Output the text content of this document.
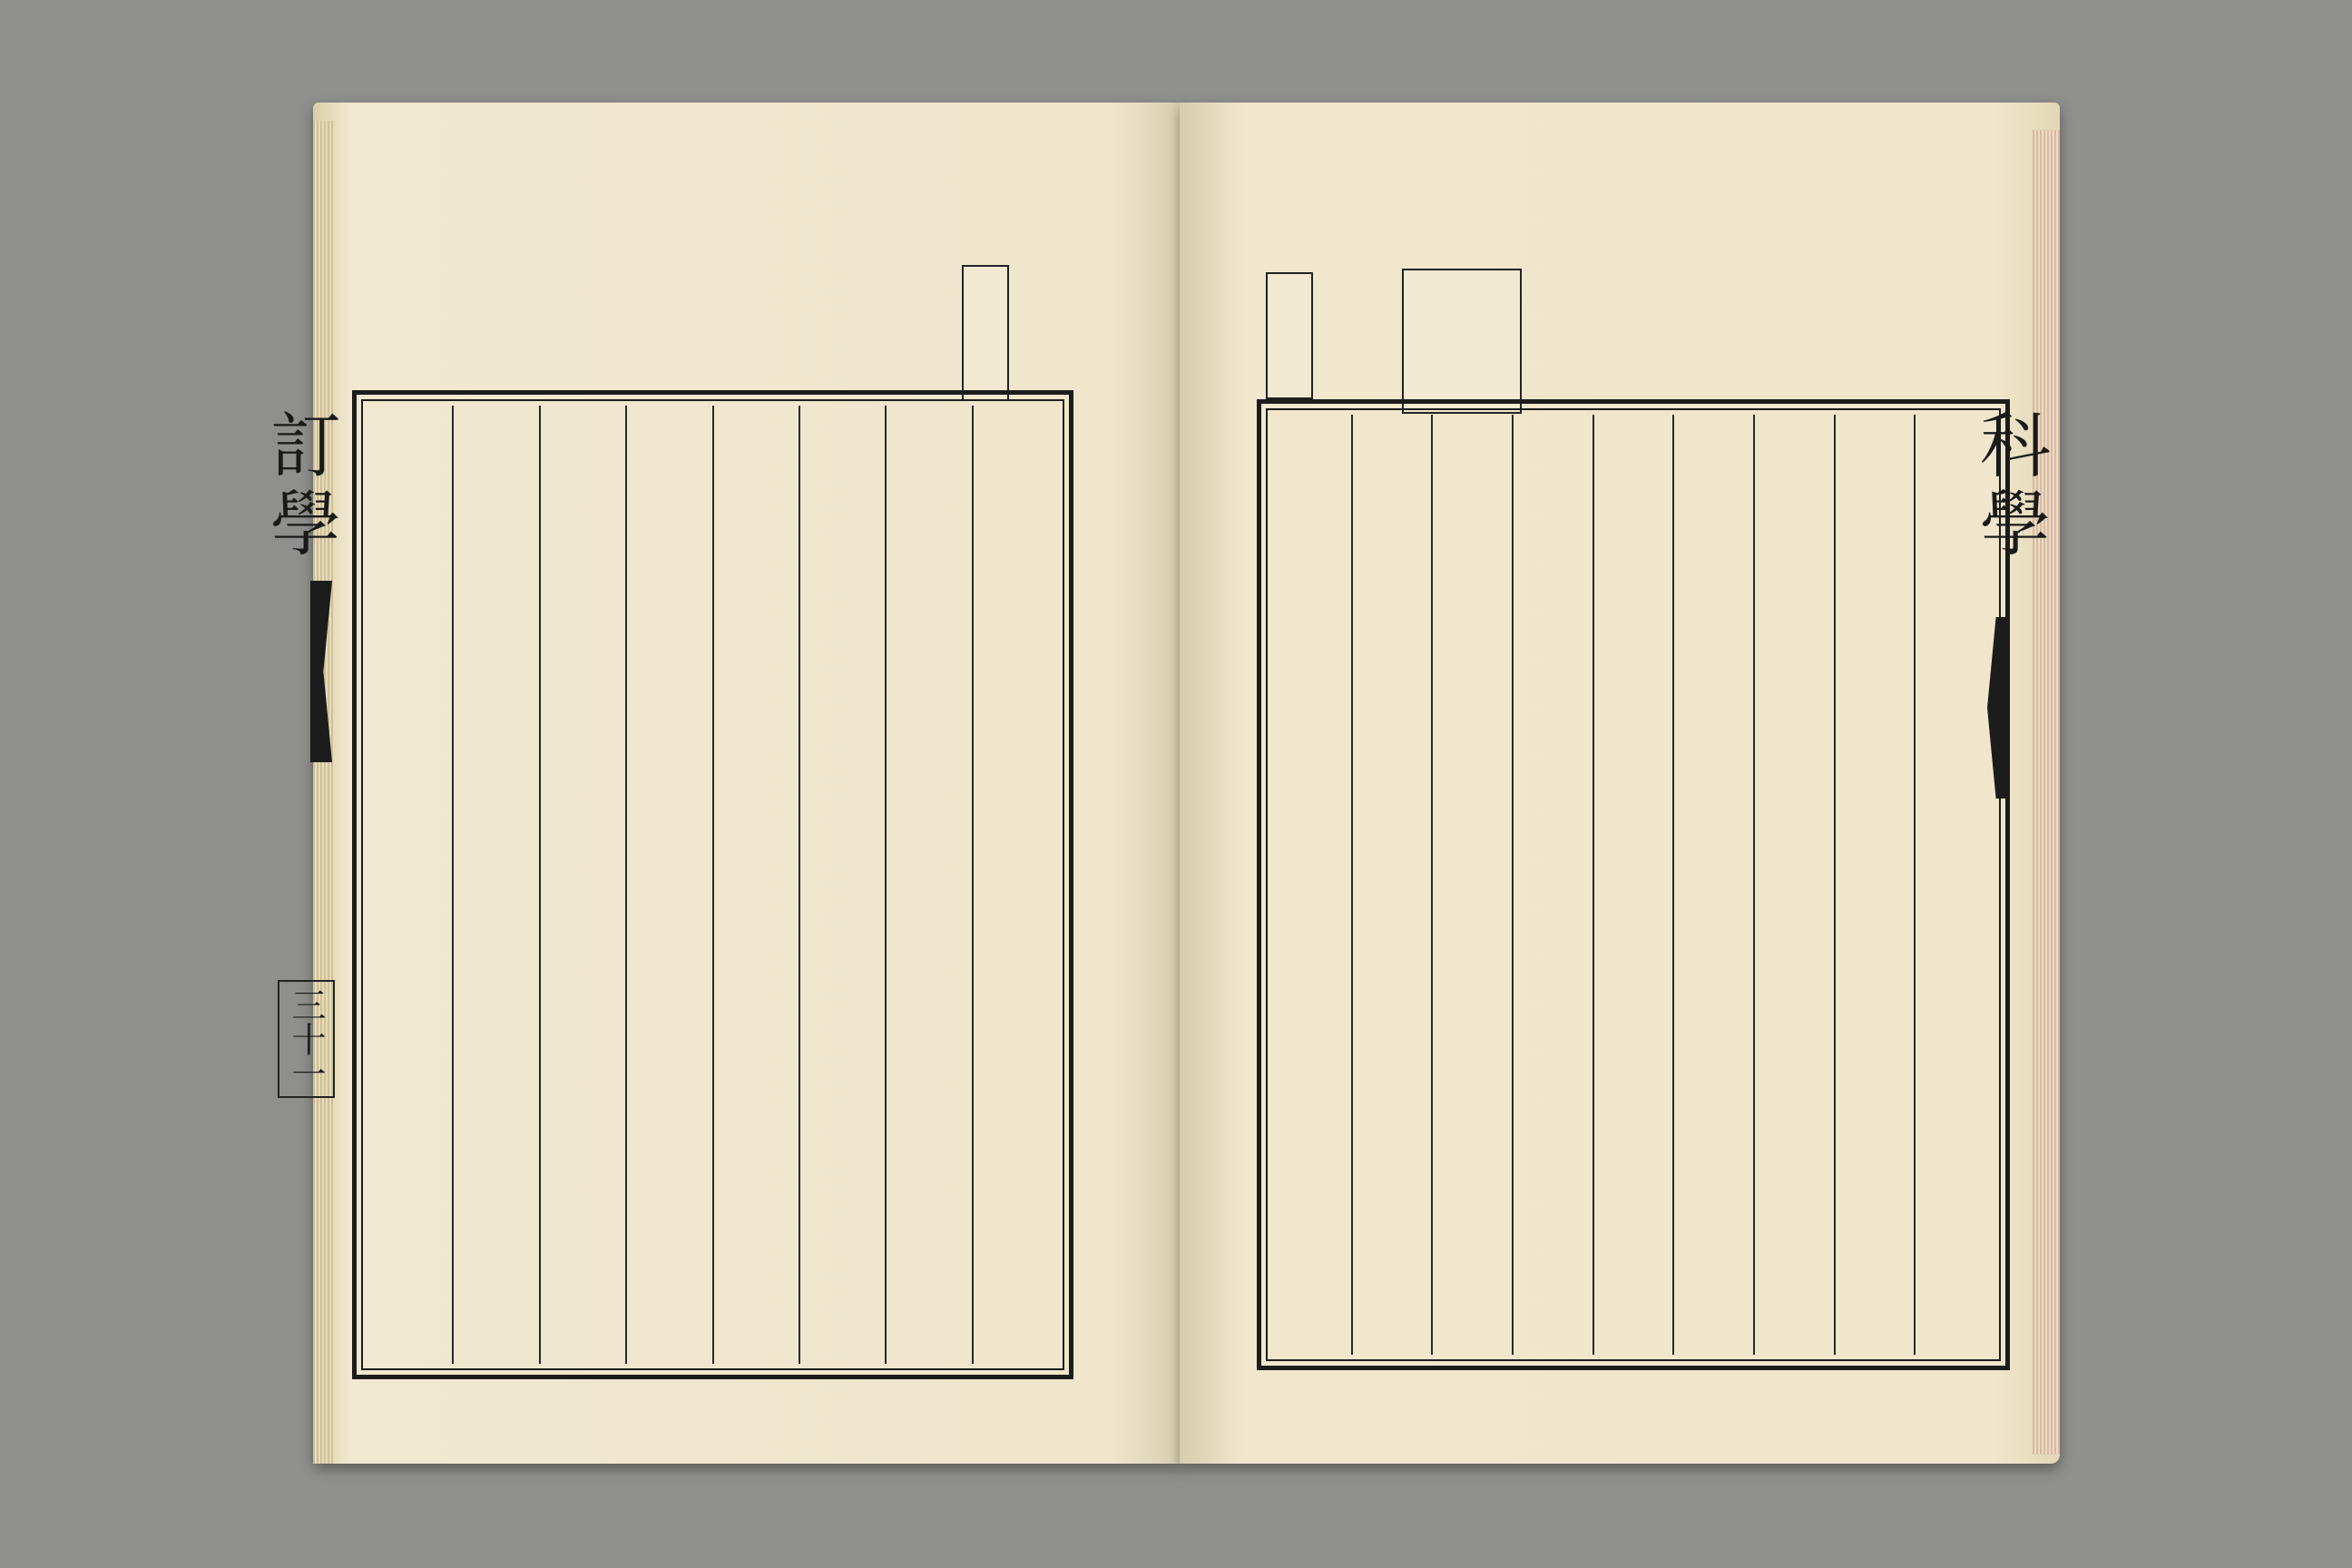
訂學
三十一
科學
